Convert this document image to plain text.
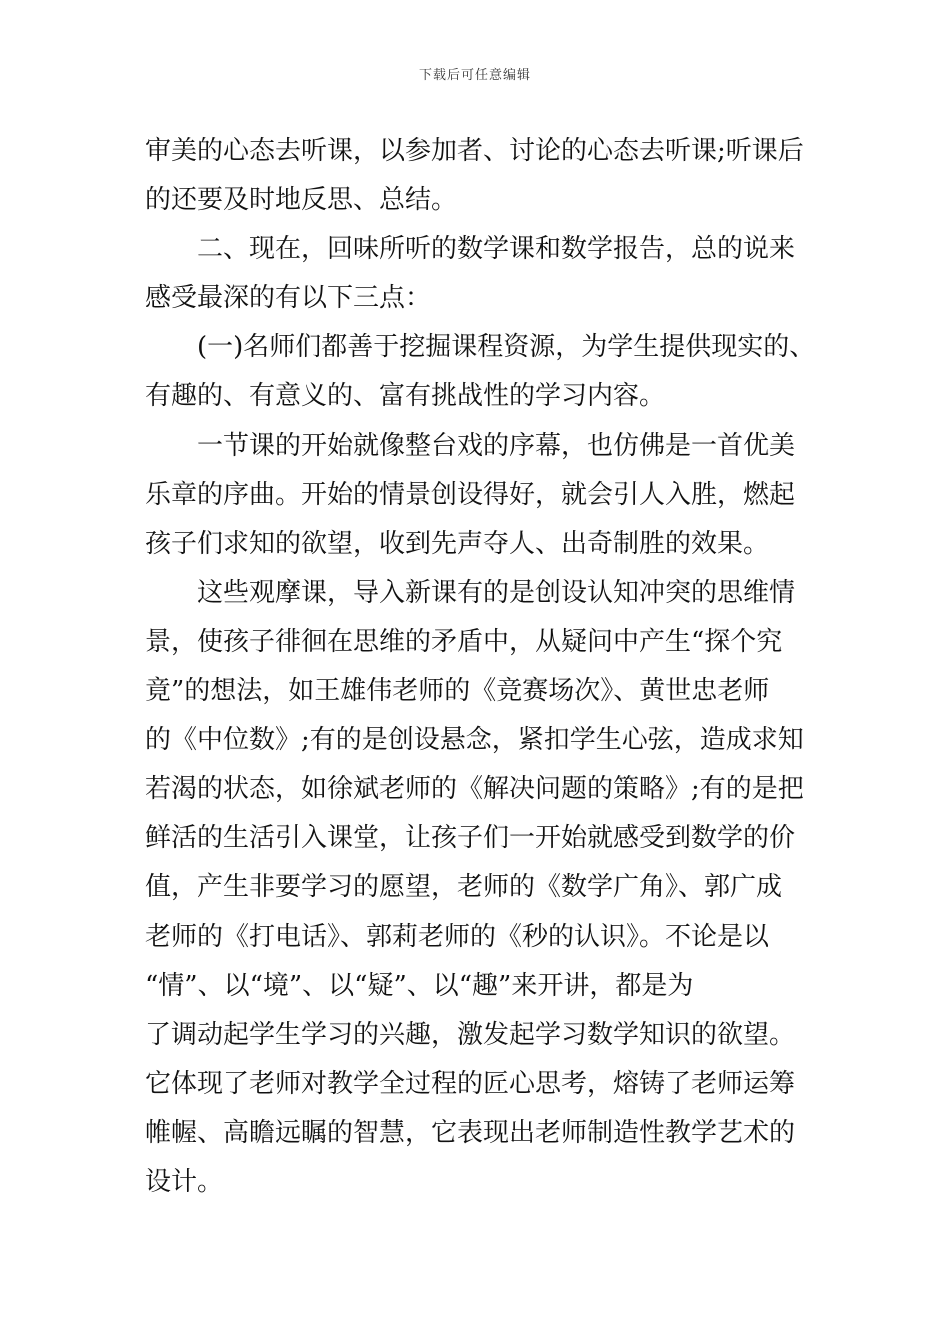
下载后可任意编辑
审美的心态去听课，以参加者、讨论的心态去听课;听课后
的还要及时地反思、总结。
二、现在，回味所听的数学课和数学报告，总的说来
感受最深的有以下三点：
(一)名师们都善于挖掘课程资源，为学生提供现实的、
有趣的、有意义的、富有挑战性的学习内容。
一节课的开始就像整台戏的序幕，也仿佛是一首优美
乐章的序曲。开始的情景创设得好，就会引人入胜，燃起
孩子们求知的欲望，收到先声夺人、出奇制胜的效果。
这些观摩课，导入新课有的是创设认知冲突的思维情
景，使孩子徘徊在思维的矛盾中，从疑问中产生“探个究
竟”的想法，如王雄伟老师的《竞赛场次》、黄世忠老师
的《中位数》;有的是创设悬念，紧扣学生心弦，造成求知
若渴的状态，如徐斌老师的《解决问题的策略》;有的是把
鲜活的生活引入课堂，让孩子们一开始就感受到数学的价
值，产生非要学习的愿望，老师的《数学广角》、郭广成
老师的《打电话》、郭莉老师的《秒的认识》。不论是以
“情”、以“境”、以“疑”、以“趣”来开讲，都是为
了调动起学生学习的兴趣，激发起学习数学知识的欲望。
它体现了老师对教学全过程的匠心思考，熔铸了老师运筹
帷幄、高瞻远瞩的智慧，它表现出老师制造性教学艺术的
设计。
